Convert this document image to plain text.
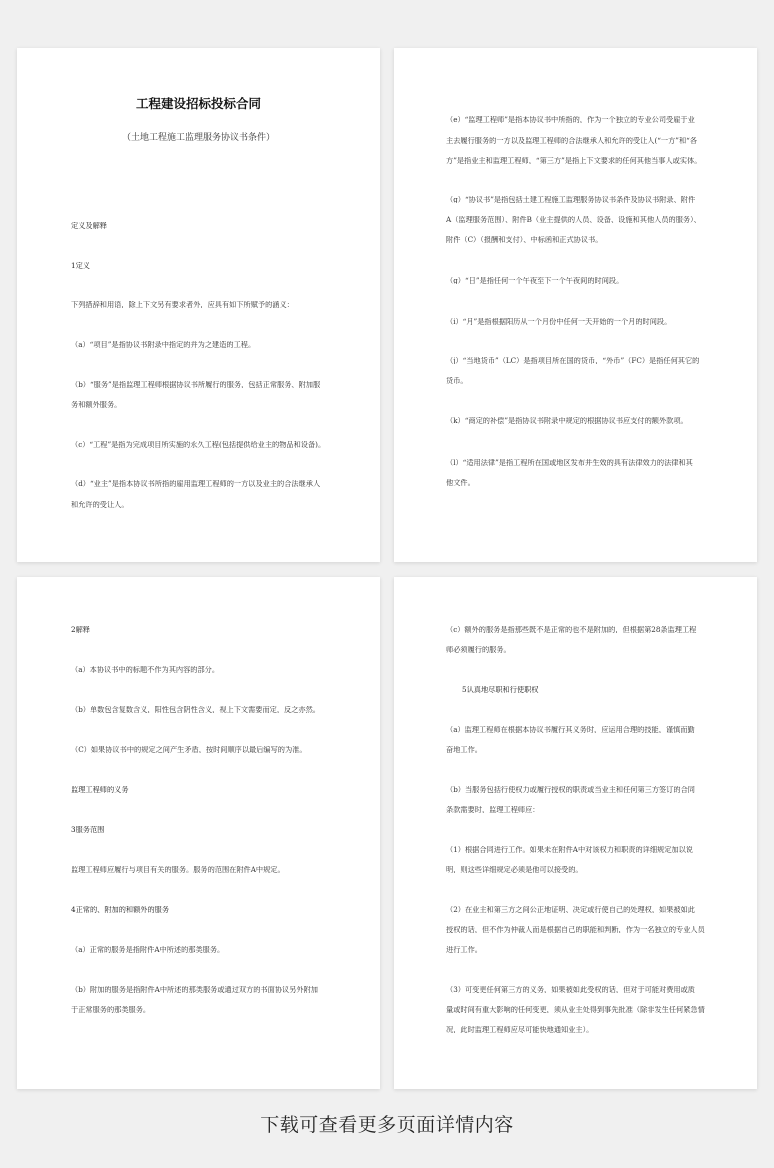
工程建设招标投标合同
（土地工程施工监理服务协议书条件）
定义及解释
1定义
下列措辞和用语，除上下文另有要求者外，应具有如下所赋予的涵义：
（a）“项目”是指协议书附录中指定的并为之建造的工程。
（b）“服务”是指监理工程师根据协议书所履行的服务，包括正常服务、附加服
务和额外服务。
（c）“工程”是指为完成项目所实施的永久工程(包括提供给业主的物品和设备)。
（d）“业主”是指本协议书所指的雇用监理工程师的一方以及业主的合法继承人
和允许的受让人。
（e）“监理工程师”是指本协议书中所指的，作为一个独立的专业公司受雇于业
主去履行服务的一方以及监理工程师的合法继承人和允许的受让人(“一方”和“各
方”是指业主和监理工程师，“第三方”是指上下文要求的任何其他当事人或实体。
（g）“协议书”是指包括土建工程施工监理服务协议书条件及协议书附录、附件
A（监理服务范围）、附件B（业主提供的人员、设备、设施和其他人员的服务）、
附件（C）（报酬和支付）、中标函和正式协议书。
（g）“日”是指任何一个午夜至下一个午夜间的时间段。
（i）“月”是指根据阳历从一个月份中任何一天开始的一个月的时间段。
（j）“当地货币”（LC）是指项目所在国的货币，“外币”（FC）是指任何其它的
货币。
（k）“商定的补偿”是指协议书附录中规定的根据协议书应支付的额外款项。
（l）“适用法律”是指工程所在国或地区发布并生效的具有法律效力的法律和其
他文件。
2解释
（a）本协议书中的标题不作为其内容的部分。
（b）单数包含复数含义，阳性包含阴性含义，视上下文需要而定，反之亦然。
（C）如果协议书中的规定之间产生矛盾，按时间顺序以最后编写的为准。
监理工程师的义务
3服务范围
监理工程师应履行与项目有关的服务。服务的范围在附件A中规定。
4正常的、附加的和额外的服务
（a）正常的服务是指附件A中所述的那类服务。
（b）附加的服务是指附件A中所述的那类服务或通过双方的书面协议另外附加
于正常服务的那类服务。
（c）额外的服务是指那些既不是正常的也不是附加的，但根据第28条监理工程
师必须履行的服务。
5认真地尽职和行使职权
（a）监理工程师在根据本协议书履行其义务时，应运用合理的技能，谨慎而勤
奋地工作。
（b）当服务包括行使权力或履行授权的职责或当业主和任何第三方签订的合同
条款需要时，监理工程师应：
（1）根据合同进行工作。如果未在附件A中对该权力和职责的详细规定加以说
明，则这些详细规定必须是他可以接受的。
（2）在业主和第三方之间公正地证明、决定或行使自己的处理权，如果被如此
授权的话，但不作为仲裁人而是根据自己的职能和判断，作为一名独立的专业人员
进行工作。
（3）可变更任何第三方的义务，如果被如此受权的话，但对于可能对费用或质
量或时间有重大影响的任何变更，须从业主处得到事先批准（除非发生任何紧急情
况，此时监理工程师应尽可能快地通知业主）。
下载可查看更多页面详情内容
